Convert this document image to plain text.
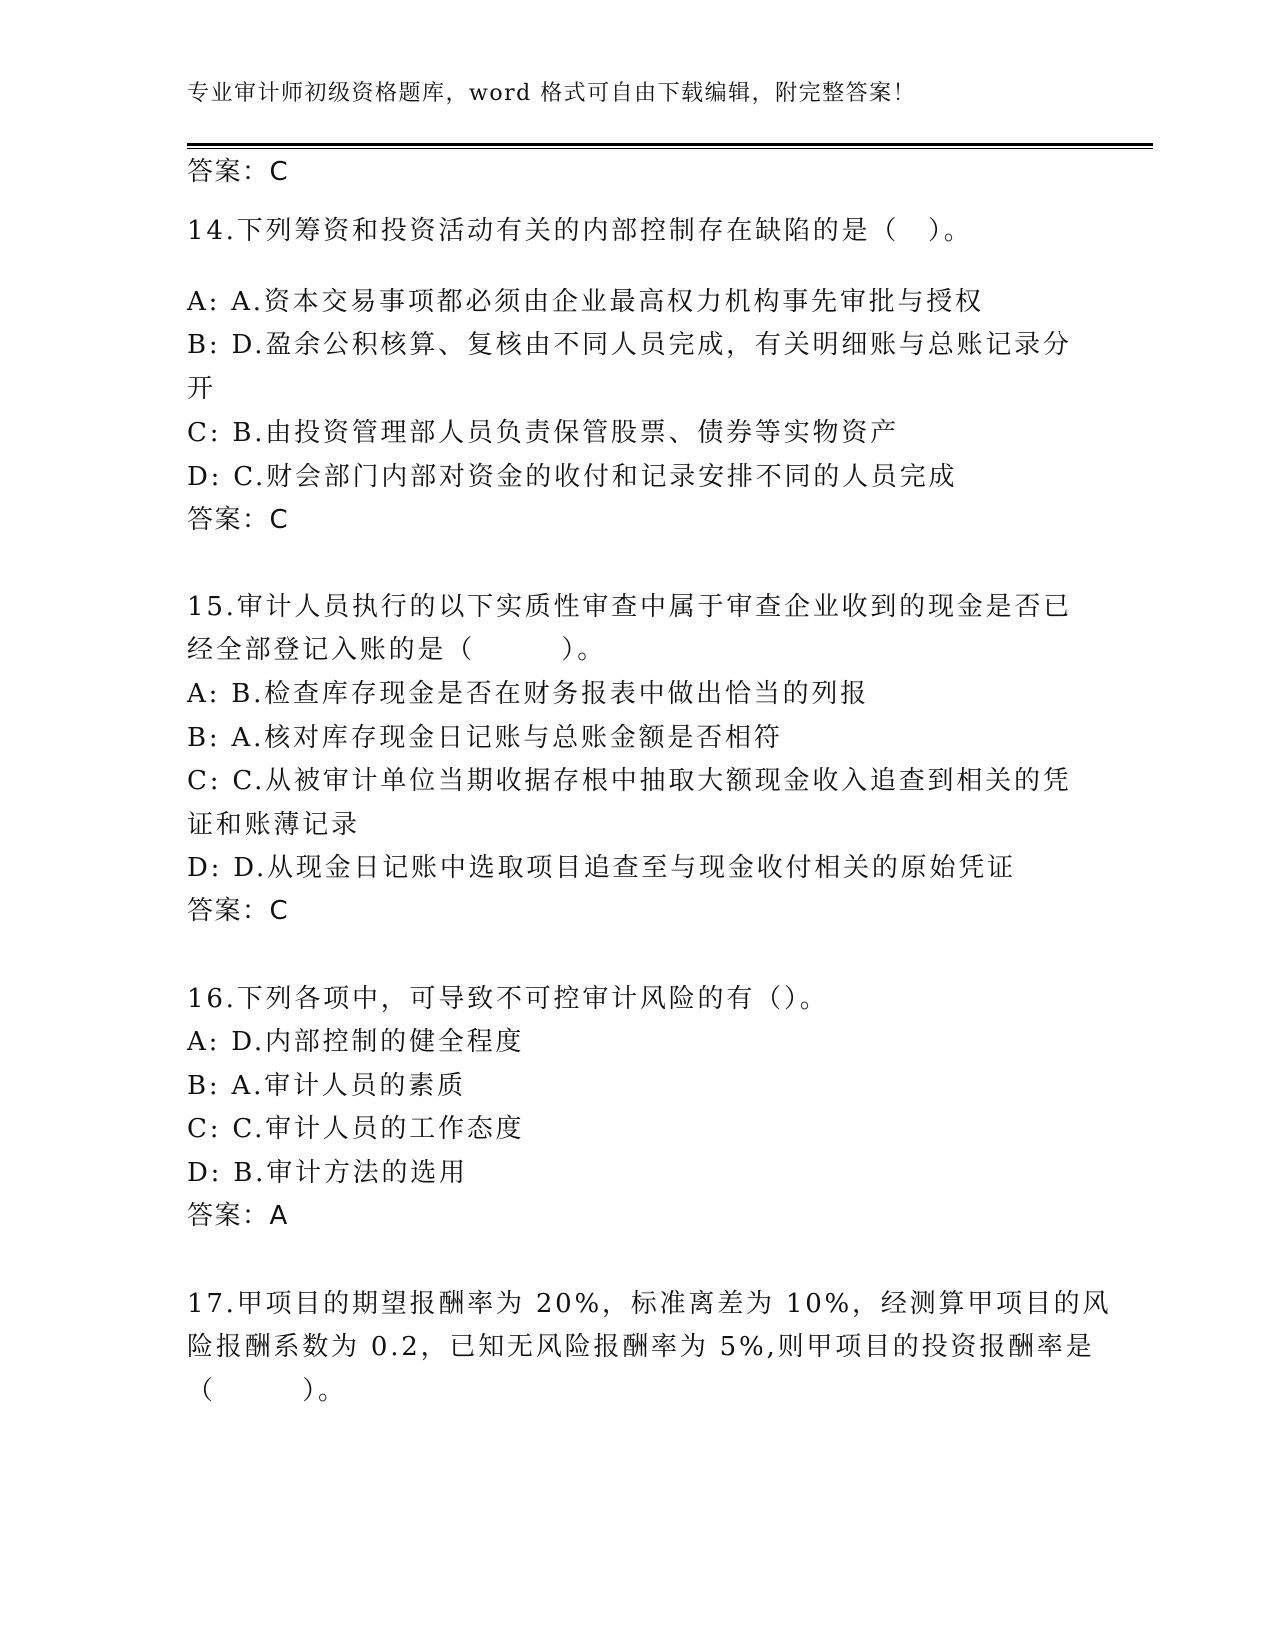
专业审计师初级资格题库，word 格式可自由下载编辑，附完整答案！
答案：C
14.下列筹资和投资活动有关的内部控制存在缺陷的是（　）。
A: A.资本交易事项都必须由企业最高权力机构事先审批与授权
B: D.盈余公积核算、复核由不同人员完成，有关明细账与总账记录分
开
C: B.由投资管理部人员负责保管股票、债券等实物资产
D: C.财会部门内部对资金的收付和记录安排不同的人员完成
答案：C
15.审计人员执行的以下实质性审查中属于审查企业收到的现金是否已
经全部登记入账的是（　　　）。
A: B.检查库存现金是否在财务报表中做出恰当的列报
B: A.核对库存现金日记账与总账金额是否相符
C: C.从被审计单位当期收据存根中抽取大额现金收入追查到相关的凭
证和账薄记录
D: D.从现金日记账中选取项目追查至与现金收付相关的原始凭证
答案：C
16.下列各项中，可导致不可控审计风险的有（）。
A: D.内部控制的健全程度
B: A.审计人员的素质
C: C.审计人员的工作态度
D: B.审计方法的选用
答案：A
17.甲项目的期望报酬率为 20%，标准离差为 10%，经测算甲项目的风
险报酬系数为 0.2，已知无风险报酬率为 5%,则甲项目的投资报酬率是
（　　　）。
